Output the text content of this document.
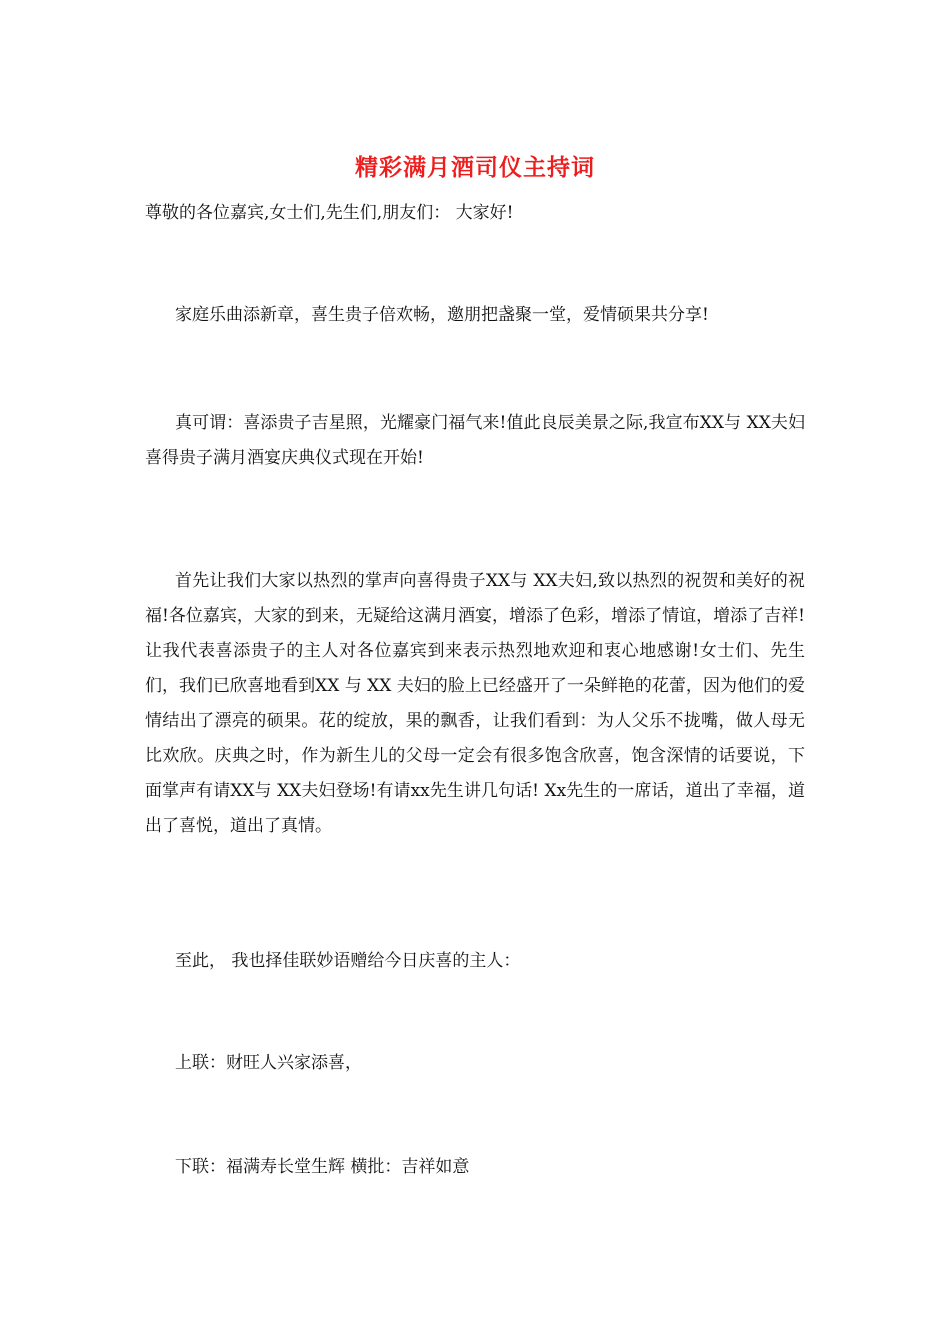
精彩满月酒司仪主持词

尊敬的各位嘉宾,女士们,先生们,朋友们： 大家好!

家庭乐曲添新章，喜生贵子倍欢畅，邀朋把盏聚一堂，爱情硕果共分享!

真可谓：喜添贵子吉星照，光耀豪门福气来!值此良辰美景之际,我宣布XX与 XX夫妇喜得贵子满月酒宴庆典仪式现在开始!

首先让我们大家以热烈的掌声向喜得贵子XX与 XX夫妇,致以热烈的祝贺和美好的祝福!各位嘉宾，大家的到来，无疑给这满月酒宴，增添了色彩，增添了情谊，增添了吉祥!让我代表喜添贵子的主人对各位嘉宾到来表示热烈地欢迎和衷心地感谢!女士们、先生们，我们已欣喜地看到XX 与 XX 夫妇的脸上已经盛开了一朵鲜艳的花蕾，因为他们的爱情结出了漂亮的硕果。花的绽放，果的飘香，让我们看到：为人父乐不拢嘴，做人母无比欢欣。庆典之时，作为新生儿的父母一定会有很多饱含欣喜，饱含深情的话要说，下面掌声有请XX与 XX夫妇登场!有请xx先生讲几句话! Xx先生的一席话，道出了幸福，道出了喜悦，道出了真情。

至此， 我也择佳联妙语赠给今日庆喜的主人：

上联：财旺人兴家添喜，

下联：福满寿长堂生辉 横批：吉祥如意
